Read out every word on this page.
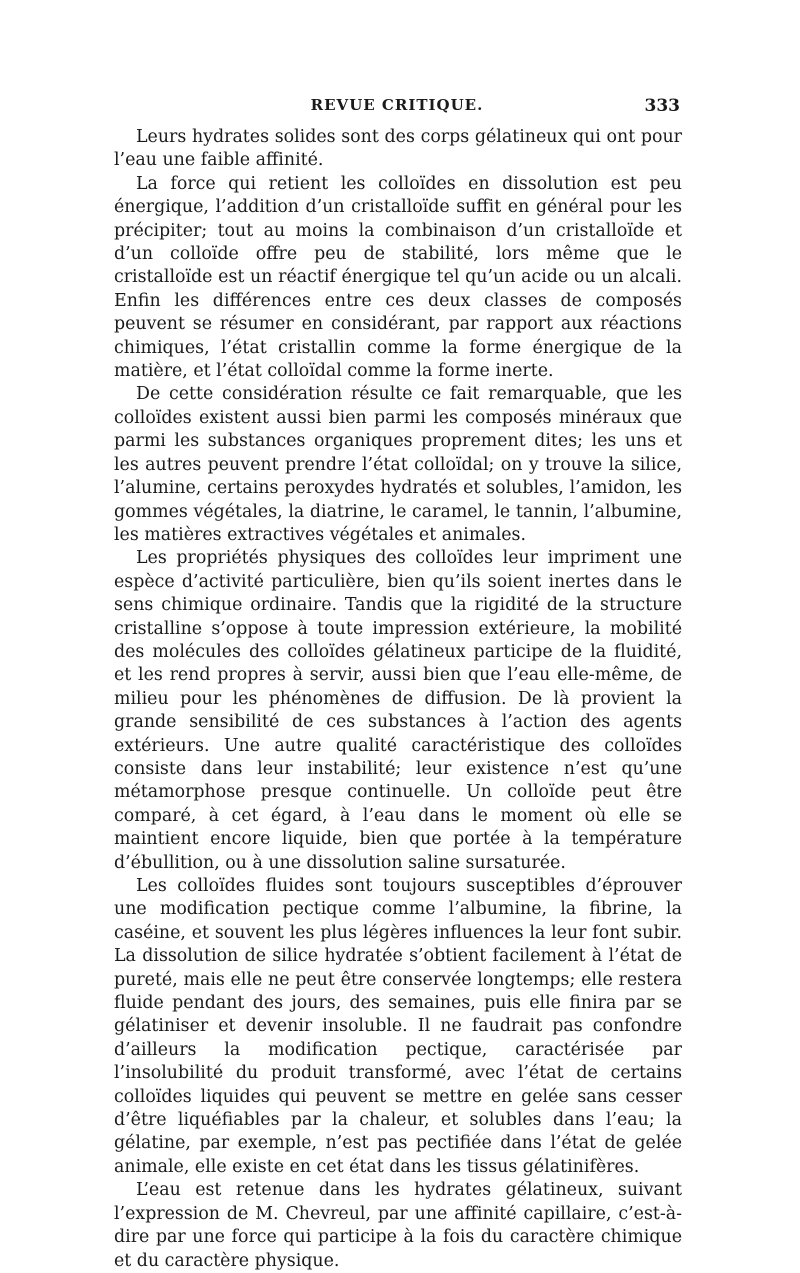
REVUE CRITIQUE.	333

Leurs hydrates solides sont des corps gélatineux qui ont pour l’eau une faible affinité.

La force qui retient les colloïdes en dissolution est peu énergique, l’addition d’un cristalloïde suffit en général pour les précipiter; tout au moins la combinaison d’un cristalloïde et d’un colloïde offre peu de stabilité, lors même que le cristalloïde est un réactif énergique tel qu’un acide ou un alcali. Enfin les différences entre ces deux classes de composés peuvent se résumer en considérant, par rapport aux réactions chimiques, l’état cristallin comme la forme énergique de la matière, et l’état colloïdal comme la forme inerte.

De cette considération résulte ce fait remarquable, que les colloïdes existent aussi bien parmi les composés minéraux que parmi les substances organiques proprement dites; les uns et les autres peuvent prendre l’état colloïdal; on y trouve la silice, l’alumine, certains peroxydes hydratés et solubles, l’amidon, les gommes végétales, la diatrine, le caramel, le tannin, l’albumine, les matières extractives végétales et animales.

Les propriétés physiques des colloïdes leur impriment une espèce d’activité particulière, bien qu’ils soient inertes dans le sens chimique ordinaire. Tandis que la rigidité de la structure cristalline s’oppose à toute impression extérieure, la mobilité des molécules des colloïdes gélatineux participe de la fluidité, et les rend propres à servir, aussi bien que l’eau elle-même, de milieu pour les phénomènes de diffusion. De là provient la grande sensibilité de ces substances à l’action des agents extérieurs. Une autre qualité caractéristique des colloïdes consiste dans leur instabilité; leur existence n’est qu’une métamorphose presque continuelle. Un colloïde peut être comparé, à cet égard, à l’eau dans le moment où elle se maintient encore liquide, bien que portée à la température d’ébullition, ou à une dissolution saline sursaturée.

Les colloïdes fluides sont toujours susceptibles d’éprouver une modification pectique comme l’albumine, la fibrine, la caséine, et souvent les plus légères influences la leur font subir. La dissolution de silice hydratée s’obtient facilement à l’état de pureté, mais elle ne peut être conservée longtemps; elle restera fluide pendant des jours, des semaines, puis elle finira par se gélatiniser et devenir insoluble. Il ne faudrait pas confondre d’ailleurs la modification pectique, caractérisée par l’insolubilité du produit transformé, avec l’état de certains colloïdes liquides qui peuvent se mettre en gelée sans cesser d’être liquéfiables par la chaleur, et solubles dans l’eau; la gélatine, par exemple, n’est pas pectifiée dans l’état de gelée animale, elle existe en cet état dans les tissus gélatinifères.

L’eau est retenue dans les hydrates gélatineux, suivant l’expression de M. Chevreul, par une affinité capillaire, c’est-à-dire par une force qui participe à la fois du caractère chimique et du caractère physique.
